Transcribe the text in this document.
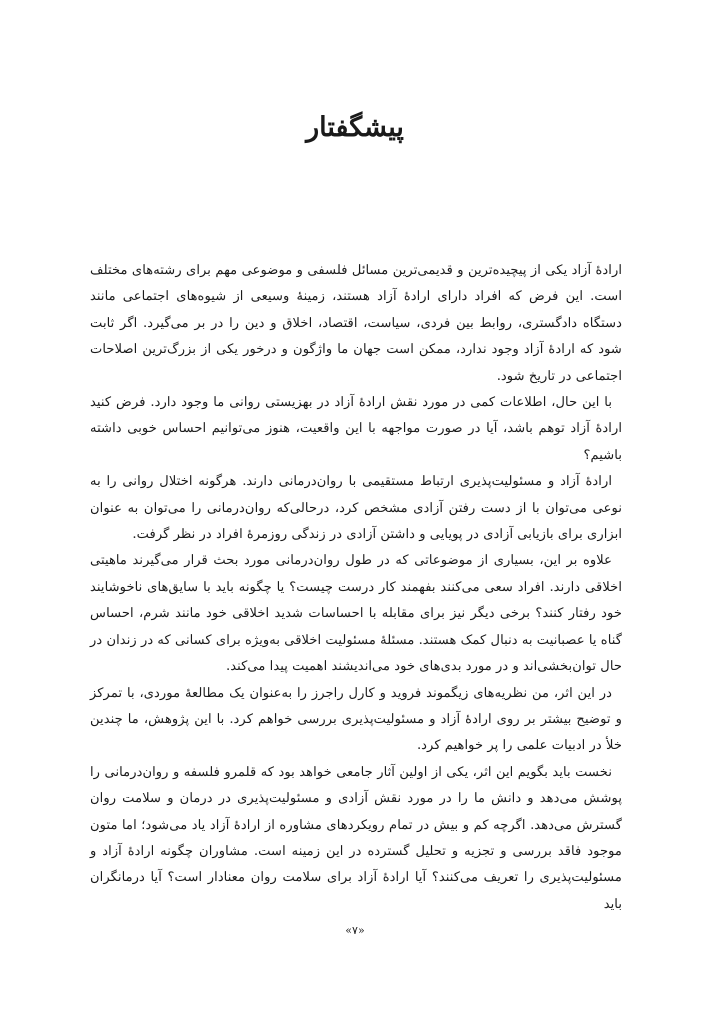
پیشگفتار

ارادهٔ آزاد یکی از پیچیده‌ترین و قدیمی‌ترین مسائل فلسفی و موضوعی مهم برای رشته‌های مختلف است. این فرض که افراد دارای ارادهٔ آزاد هستند، زمینهٔ وسیعی از شیوه‌های اجتماعی مانند دستگاه دادگستری، روابط بین فردی، سیاست، اقتصاد، اخلاق و دین را در بر می‌گیرد. اگر ثابت شود که ارادهٔ آزاد وجود ندارد، ممکن است جهان ما واژگون و درخور یکی از بزرگ‌ترین اصلاحات اجتماعی در تاریخ شود.

با این حال، اطلاعات کمی در مورد نقش ارادهٔ آزاد در بهزیستی روانی ما وجود دارد. فرض کنید ارادهٔ آزاد توهم باشد، آیا در صورت مواجهه با این واقعیت، هنوز می‌توانیم احساس خوبی داشته باشیم؟

ارادهٔ آزاد و مسئولیت‌پذیری ارتباط مستقیمی با روان‌درمانی دارند. هرگونه اختلال روانی را به نوعی می‌توان با از دست رفتن آزادی مشخص کرد، درحالی‌که روان‌درمانی را می‌توان به عنوان ابزاری برای بازیابی آزادی در پویایی و داشتن آزادی در زندگی روزمرهٔ افراد در نظر گرفت.

علاوه بر این، بسیاری از موضوعاتی که در طول روان‌درمانی مورد بحث قرار می‌گیرند ماهیتی اخلاقی دارند. افراد سعی می‌کنند بفهمند کار درست چیست؟ یا چگونه باید با سایق‌های ناخوشایند خود رفتار کنند؟ برخی دیگر نیز برای مقابله با احساسات شدید اخلاقی خود مانند شرم، احساس گناه یا عصبانیت به دنبال کمک هستند. مسئلهٔ مسئولیت اخلاقی به‌ویژه برای کسانی که در زندان در حال توان‌بخشی‌اند و در مورد بدی‌های خود می‌اندیشند اهمیت پیدا می‌کند.

در این اثر، من نظریه‌های زیگموند فروید و کارل راجرز را به‌عنوان یک مطالعهٔ موردی، با تمرکز و توضیح بیشتر بر روی ارادهٔ آزاد و مسئولیت‌پذیری بررسی خواهم کرد. با این پژوهش، ما چندین خلأ در ادبیات علمی را پر خواهیم کرد.

نخست باید بگویم این اثر، یکی از اولین آثار جامعی خواهد بود که قلمرو فلسفه و روان‌درمانی را پوشش می‌دهد و دانش ما را در مورد نقش آزادی و مسئولیت‌پذیری در درمان و سلامت روان گسترش می‌دهد. اگرچه کم و بیش در تمام رویکردهای مشاوره از ارادهٔ آزاد یاد می‌شود؛ اما متون موجود فاقد بررسی و تجزیه و تحلیل گسترده در این زمینه است. مشاوران چگونه ارادهٔ آزاد و مسئولیت‌پذیری را تعریف می‌کنند؟ آیا ارادهٔ آزاد برای سلامت روان معنادار است؟ آیا درمانگران باید

«۷»
